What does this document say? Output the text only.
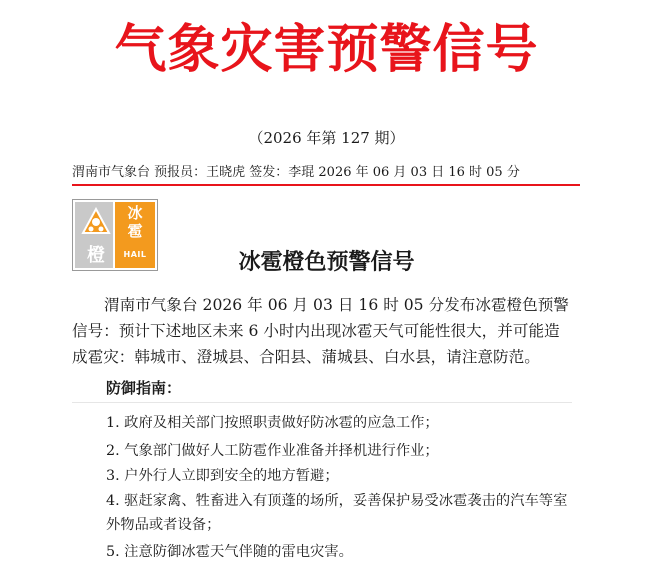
气象灾害预警信号
（2026 年第 127 期）
渭南市气象台 预报员：王晓虎 签发：李琨 2026 年 06 月 03 日 16 时 05 分
橙
冰
雹
HAIL	冰雹橙色预警信号

渭南市气象台 2026 年 06 月 03 日 16 时 05 分发布冰雹橙色预警信号：预计下述地区未来 6 小时内出现冰雹天气可能性很大，并可能造成雹灾：韩城市、澄城县、合阳县、蒲城县、白水县，请注意防范。

防御指南：

1. 政府及相关部门按照职责做好防冰雹的应急工作；

2. 气象部门做好人工防雹作业准备并择机进行作业；

3. 户外行人立即到安全的地方暂避；

4. 驱赶家禽、牲畜进入有顶蓬的场所，妥善保护易受冰雹袭击的汽车等室外物品或者设备；

5. 注意防御冰雹天气伴随的雷电灾害。
